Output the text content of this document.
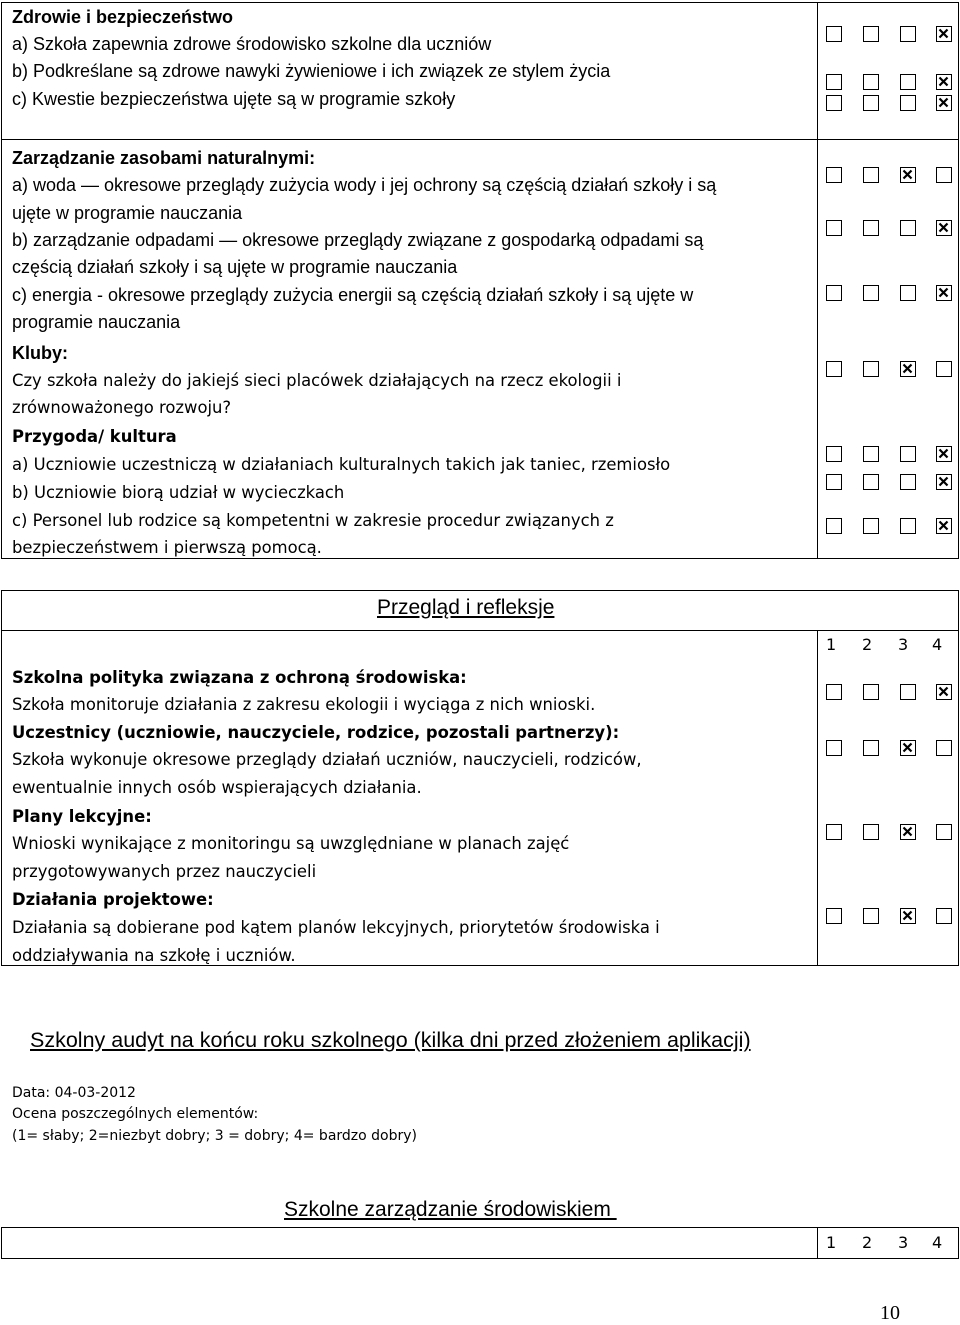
Zdrowie i bezpieczeństwo
a) Szkoła zapewnia zdrowe środowisko szkolne dla uczniów
b) Podkreślane są zdrowe nawyki żywieniowe i ich związek ze stylem życia
c) Kwestie bezpieczeństwa ujęte są w programie szkoły
Zarządzanie zasobami naturalnymi:
a) woda — okresowe przeglądy zużycia wody i jej ochrony są częścią działań szkoły i są
ujęte w programie nauczania
b) zarządzanie odpadami — okresowe przeglądy związane z gospodarką odpadami są
częścią działań szkoły i są ujęte w programie nauczania
c) energia - okresowe przeglądy zużycia energii są częścią działań szkoły i są ujęte w
programie nauczania
Kluby:
Czy szkoła należy do jakiejś sieci placówek działających na rzecz ekologii i
zrównoważonego rozwoju?
Przygoda/ kultura
a) Uczniowie uczestniczą w działaniach kulturalnych takich jak taniec, rzemiosło
b) Uczniowie biorą udział w wycieczkach
c) Personel lub rodzice są kompetentni w zakresie procedur związanych z
bezpieczeństwem i pierwszą pomocą.
Przegląd i refleksje
1 2 3 4
Szkolna polityka związana z ochroną środowiska:
Szkoła monitoruje działania z zakresu ekologii i wyciąga z nich wnioski.
Uczestnicy (uczniowie, nauczyciele, rodzice, pozostali partnerzy):
Szkoła wykonuje okresowe przeglądy działań uczniów, nauczycieli, rodziców,
ewentualnie innych osób wspierających działania.
Plany lekcyjne:
Wnioski wynikające z monitoringu są uwzględniane w planach zajęć
przygotowywanych przez nauczycieli
Działania projektowe:
Działania są dobierane pod kątem planów lekcyjnych, priorytetów środowiska i
oddziaływania na szkołę i uczniów.
Szkolny audyt na końcu roku szkolnego (kilka dni przed złożeniem aplikacji)
Data: 04-03-2012
Ocena poszczególnych elementów:
(1= słaby; 2=niezbyt dobry; 3 = dobry; 4= bardzo dobry)
Szkolne zarządzanie środowiskiem
1 2 3 4
10
